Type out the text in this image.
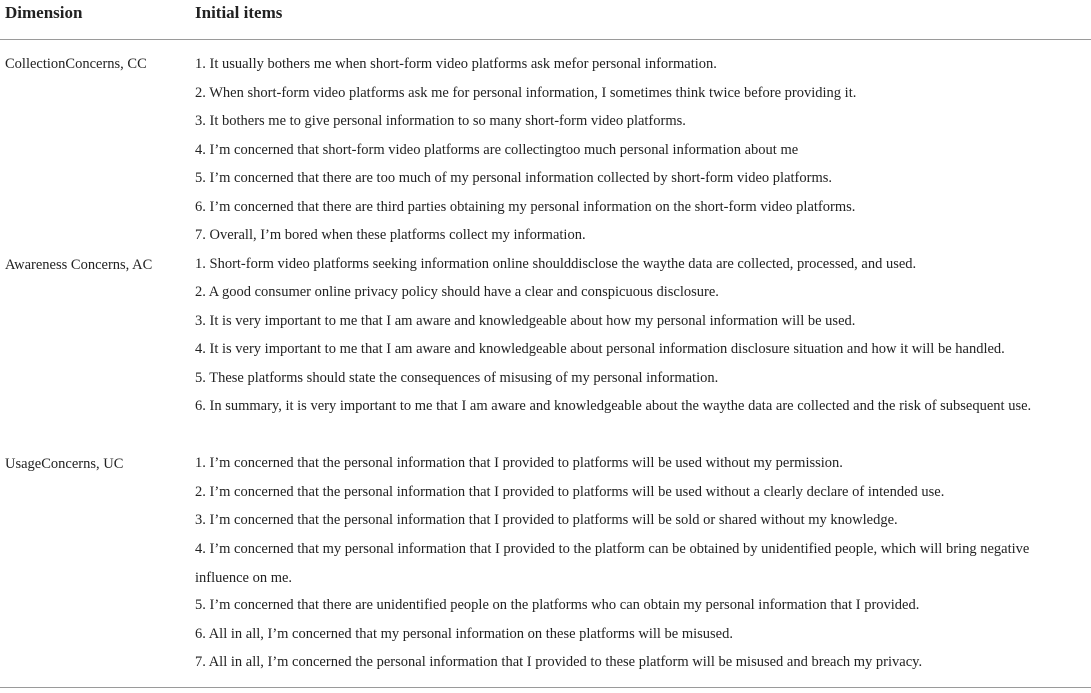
Dimension	Initial items
CollectionConcerns, CC	1. It usually bothers me when short-form video platforms ask mefor personal information.
2. When short-form video platforms ask me for personal information, I sometimes think twice before providing it.
3. It bothers me to give personal information to so many short-form video platforms.
4. I’m concerned that short-form video platforms are collectingtoo much personal information about me
5. I’m concerned that there are too much of my personal information collected by short-form video platforms.
6. I’m concerned that there are third parties obtaining my personal information on the short-form video platforms.
7. Overall, I’m bored when these platforms collect my information.
Awareness Concerns, AC	1. Short-form video platforms seeking information online shoulddisclose the waythe data are collected, processed, and used.
2. A good consumer online privacy policy should have a clear and conspicuous disclosure.
3. It is very important to me that I am aware and knowledgeable about how my personal information will be used.
4. It is very important to me that I am aware and knowledgeable about personal information disclosure situation and how it will be handled.
5. These platforms should state the consequences of misusing of my personal information.
6. In summary, it is very important to me that I am aware and knowledgeable about the waythe data are collected and the risk of subsequent use.
UsageConcerns, UC	1. I’m concerned that the personal information that I provided to platforms will be used without my permission.
2. I’m concerned that the personal information that I provided to platforms will be used without a clearly declare of intended use.
3. I’m concerned that the personal information that I provided to platforms will be sold or shared without my knowledge.
4. I’m concerned that my personal information that I provided to the platform can be obtained by unidentified people, which will bring negative influence on me.
5. I’m concerned that there are unidentified people on the platforms who can obtain my personal information that I provided.
6. All in all, I’m concerned that my personal information on these platforms will be misused.
7. All in all, I’m concerned the personal information that I provided to these platform will be misused and breach my privacy.
